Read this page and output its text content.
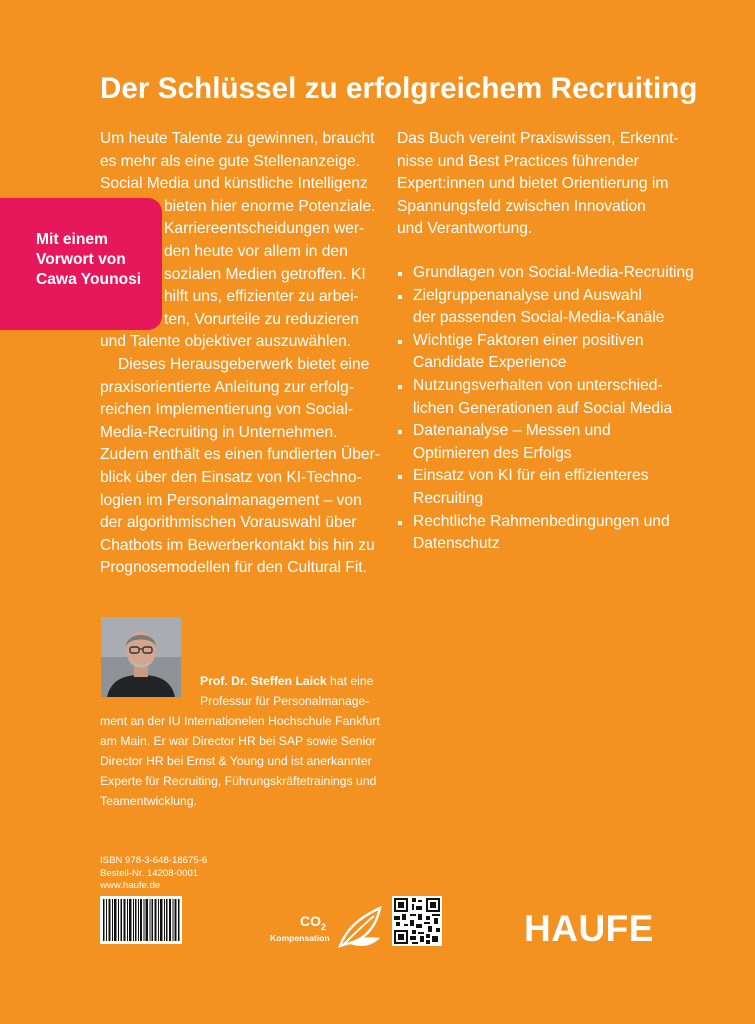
Der Schlüssel zu erfolgreichem Recruiting
Um heute Talente zu gewinnen, braucht
es mehr als eine gute Stellenanzeige.
Social Media und künstliche Intelligenz
bieten hier enorme Potenziale.
Karriereentscheidungen wer-
den heute vor allem in den
sozialen Medien getroffen. KI
hilft uns, effizienter zu arbei-
ten, Vorurteile zu reduzieren
und Talente objektiver auszuwählen.
Dieses Herausgeberwerk bietet eine
praxisorientierte Anleitung zur erfolg-
reichen Implementierung von Social-
Media-Recruiting in Unternehmen.
Zudem enthält es einen fundierten Über-
blick über den Einsatz von KI-Techno-
logien im Personalmanagement – von
der algorithmischen Vorauswahl über
Chatbots im Bewerberkontakt bis hin zu
Prognosemodellen für den Cultural Fit.
Das Buch vereint Praxiswissen, Erkennt-
nisse und Best Practices führender
Expert:innen und bietet Orientierung im
Spannungsfeld zwischen Innovation
und Verantwortung.
Grundlagen von Social-Media-Recruiting
Zielgruppenanalyse und Auswahl
der passenden Social-Media-Kanäle
Wichtige Faktoren einer positiven
Candidate Experience
Nutzungsverhalten von unterschied-
lichen Generationen auf Social Media
Datenanalyse – Messen und
Optimieren des Erfolgs
Einsatz von KI für ein effizienteres
Recruiting
Rechtliche Rahmenbedingungen und
Datenschutz
Mit einem
Vorwort von
Cawa Younosi
Prof. Dr. Steffen Laick hat eine
Professur für Personalmanage-
ment an der IU Internationelen Hochschule Fankfurt
am Main. Er war Director HR bei SAP sowie Senior
Director HR bei Ernst & Young und ist anerkannter
Experte für Recruiting, Führungskräftetrainings und
Teamentwicklung.
ISBN 978-3-648-18675-6
Bestell-Nr. 14208-0001
www.haufe.de
$CO_2$
Kompensation	HAUFE
